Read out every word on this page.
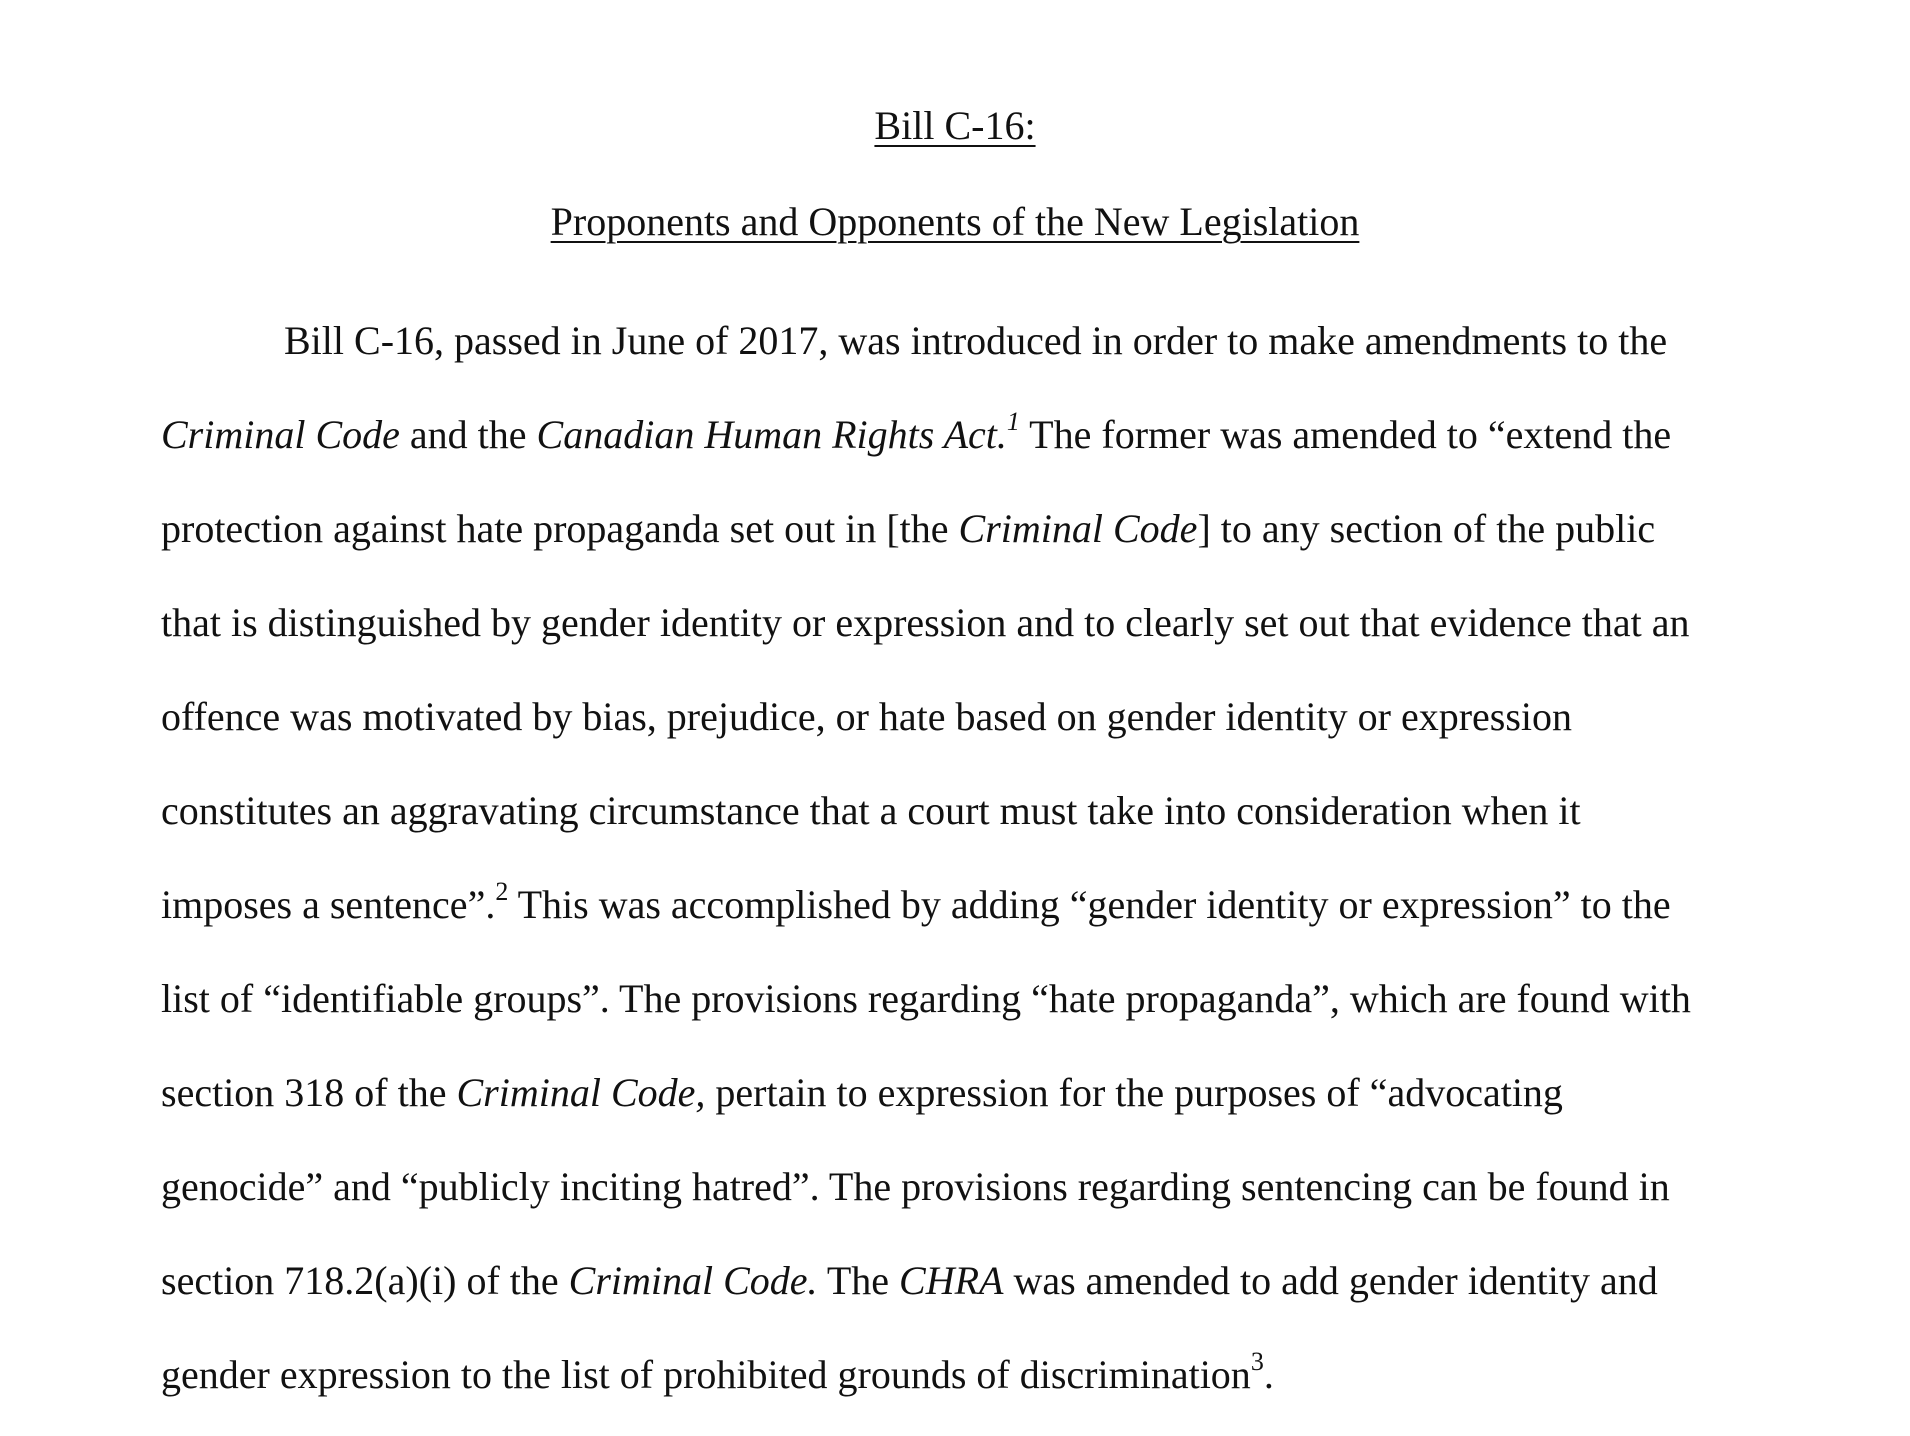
Bill C-16:
Proponents and Opponents of the New Legislation

Bill C-16, passed in June of 2017, was introduced in order to make amendments to the

Criminal Code and the Canadian Human Rights Act.$^1$ The former was amended to “extend the

protection against hate propaganda set out in [the Criminal Code] to any section of the public

that is distinguished by gender identity or expression and to clearly set out that evidence that an

offence was motivated by bias, prejudice, or hate based on gender identity or expression

constitutes an aggravating circumstance that a court must take into consideration when it

imposes a sentence”.$^2$ This was accomplished by adding “gender identity or expression” to the

list of “identifiable groups”. The provisions regarding “hate propaganda”, which are found with

section 318 of the Criminal Code, pertain to expression for the purposes of “advocating

genocide” and “publicly inciting hatred”. The provisions regarding sentencing can be found in

section 718.2(a)(i) of the Criminal Code. The CHRA was amended to add gender identity and

gender expression to the list of prohibited grounds of discrimination$^3$.
